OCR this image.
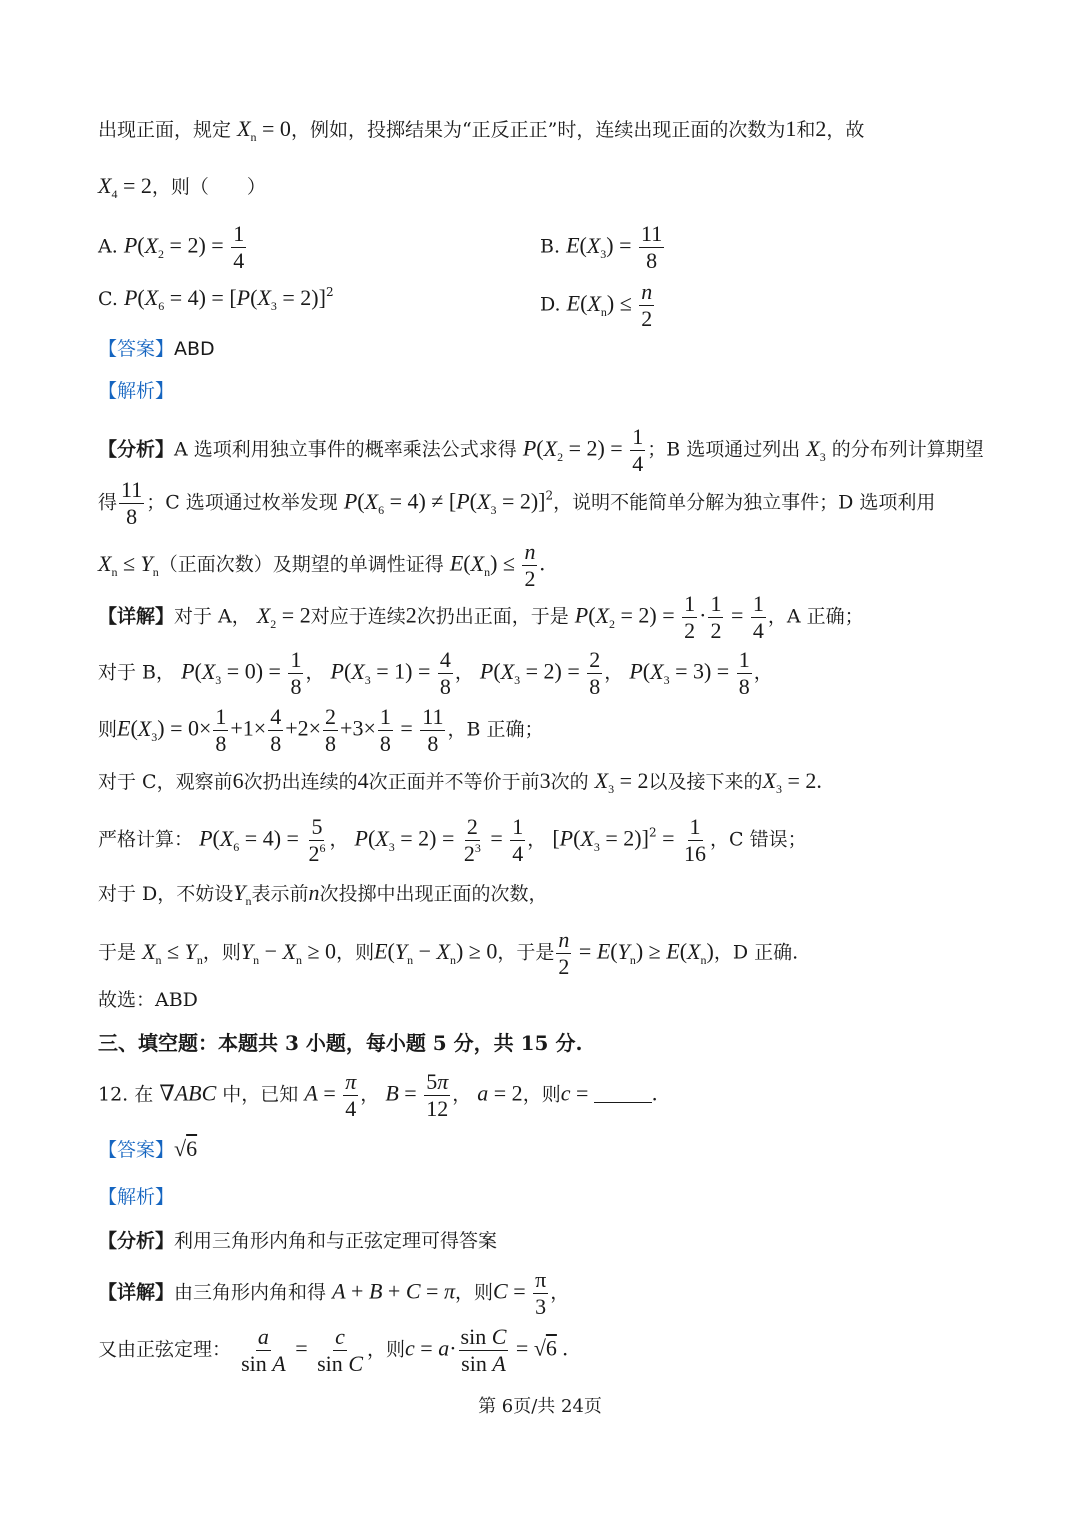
出现正面，规定 $X_n = 0$，例如，投掷结果为“正反正正”时，连续出现正面的次数为1和2，故
$X_4 = 2$，则（　　）
A. $P(X_2 = 2) = \frac{1}{4}$	B. $E(X_3) = \frac{11}{8}$
C. $P(X_6 = 4) = [P(X_3 = 2)]^2$
D. $E(X_n) \le \frac{n}{2}$
【答案】ABD
【解析】
【分析】A 选项利用独立事件的概率乘法公式求得 $P(X_2 = 2) = \frac{1}{4}$ ；B 选项通过列出 $X_3$ 的分布列计算期望
得 $\frac{11}{8}$ ；C 选项通过枚举发现 $P(X_6 = 4) \ne [P(X_3 = 2)]^2$，说明不能简单分解为独立事件；D 选项利用
$X_n \le Y_n$（正面次数）及期望的单调性证得 $E(X_n) \le \frac{n}{2}$ .
【详解】对于 A， $X_2 = 2$对应于连续2次扔出正面，于是 $P(X_2 = 2) = \frac{1}{2} \cdot \frac{1}{2} = \frac{1}{4}$ ，A 正确；
对于 B， $P(X_3 = 0) = \frac{1}{8}$ ， $P(X_3 = 1) = \frac{4}{8}$ ， $P(X_3 = 2) = \frac{2}{8}$ ， $P(X_3 = 3) = \frac{1}{8}$ ，
则$E(X_3) = 0\times \frac{1}{8} +1\times \frac{4}{8} +2\times \frac{2}{8} +3\times \frac{1}{8} = \frac{11}{8}$ ，B 正确；
对于 C，观察前6次扔出连续的4次正面并不等价于前3次的 $X_3 = 2$以及接下来的$X_3 = 2$.
严格计算： $P(X_6 = 4) = \frac{5}{2^6}$ ， $P(X_3 = 2) = \frac{2}{2^3} = \frac{1}{4}$ ， $[P(X_3 = 2)]^2 = \frac{1}{16}$ ，C 错误；
对于 D，不妨设$Y_n$表示前n次投掷中出现正面的次数，
于是 $X_n \le Y_n$，则$Y_n - X_n \ge 0$，则$E(Y_n - X_n) \ge 0$，于是 $\frac{n}{2} = E(Y_n) \ge E(X_n)$，D 正确.
故选：ABD
三、填空题：本题共 3 小题，每小题 5 分，共 15 分.
12. 在 ∇ABC 中，已知 $A = \frac{\pi}{4}$ ， $B = \frac{5\pi}{12}$ ， a = 2，则c =	.
【答案】√6
【解析】
【分析】利用三角形内角和与正弦定理可得答案
【详解】由三角形内角和得 A + B + C = π，则$C = \frac{\pi}{3}$ ，
又由正弦定理： $\frac{a}{\text{sin A}} = \frac{c}{\text{sin C}}$ ，则$c = a\cdot \frac{\text{sin C}}{\text{sin A}} = √6$ .
第 6页/共 24页
